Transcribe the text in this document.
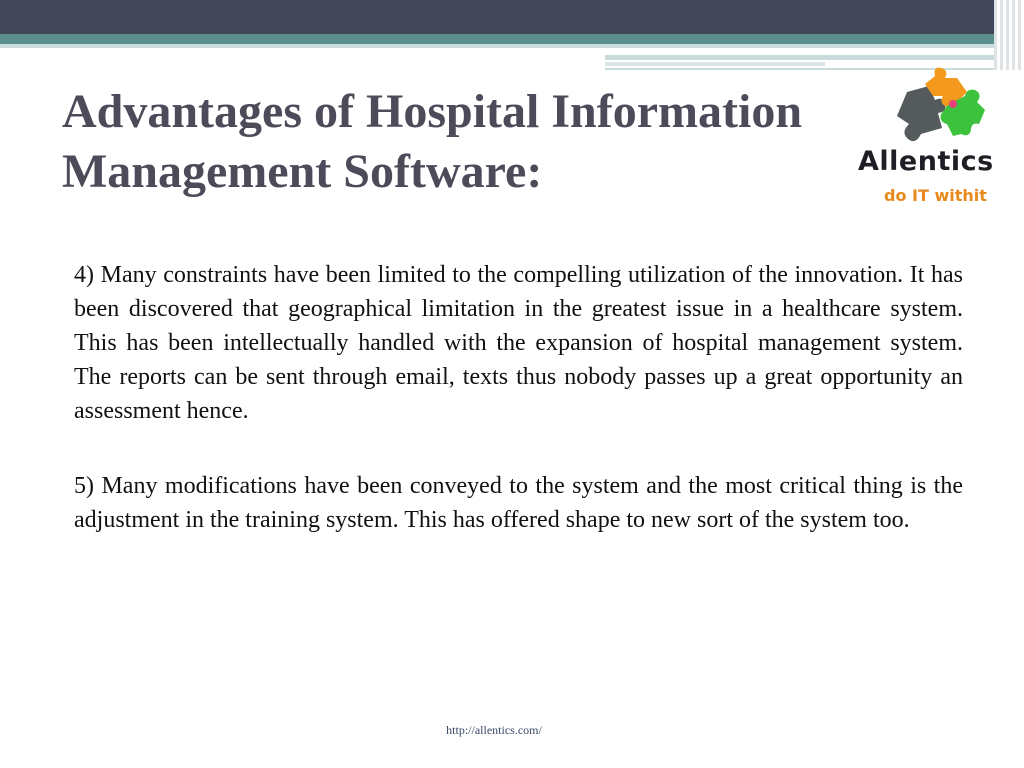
Advantages of Hospital Information
Management Software:	Allentics
do IT withit

4) Many constraints have been limited to the compelling utilization of the innovation. It has been discovered that geographical limitation in the greatest issue in a healthcare system. This has been intellectually handled with the expansion of hospital management system. The reports can be sent through email, texts thus nobody passes up a great opportunity an assessment hence.

5) Many modifications have been conveyed to the system and the most critical thing is the adjustment in the training system. This has offered shape to new sort of the system too.

http://allentics.com/
